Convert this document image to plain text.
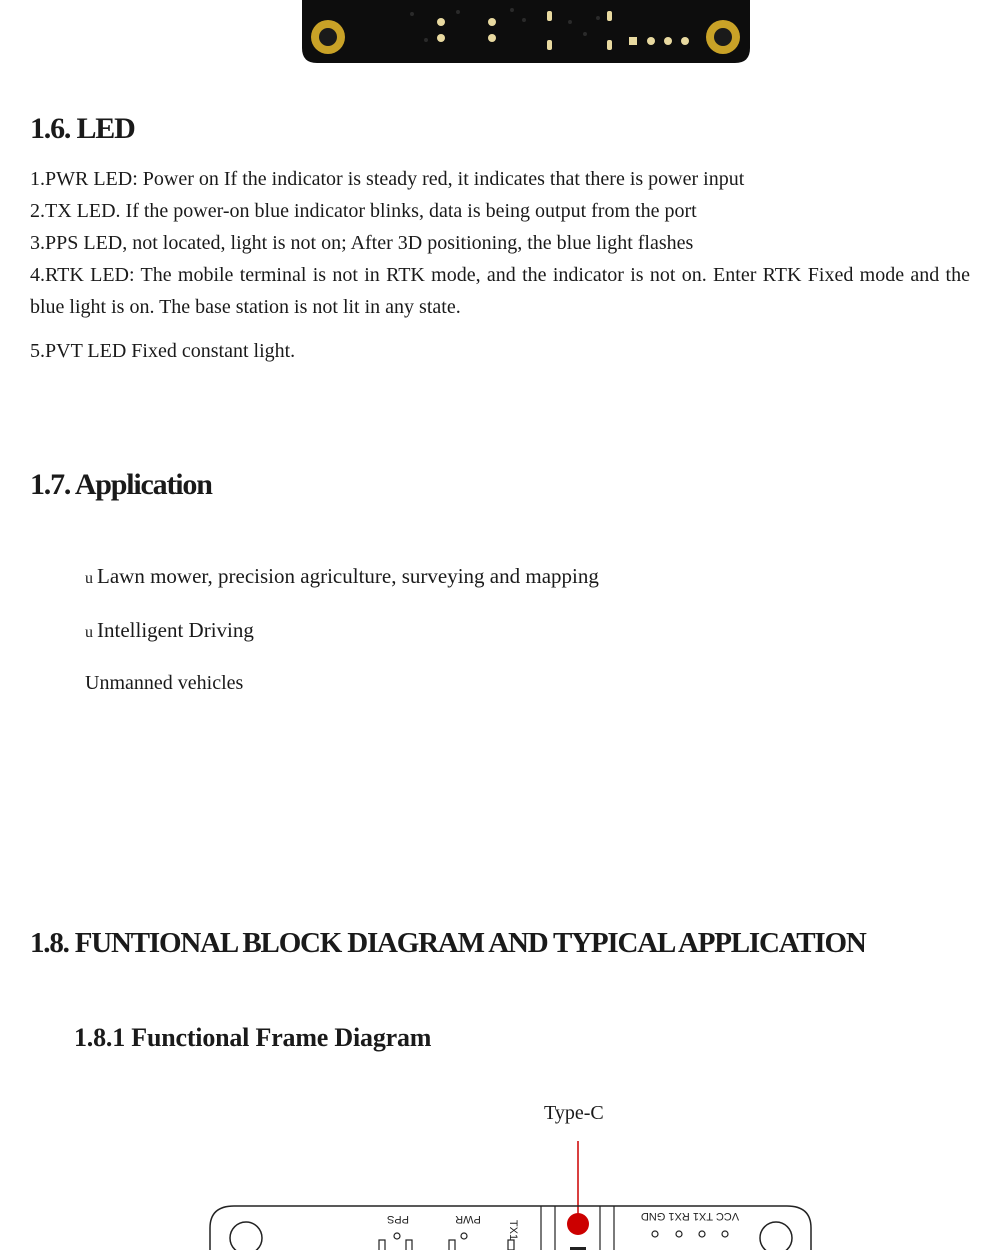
1.6. LED
1.PWR LED: Power on If the indicator is steady red, it indicates that there is power input
2.TX LED. If the power-on blue indicator blinks, data is being output from the port
3.PPS LED, not located, light is not on; After 3D positioning, the blue light flashes
4.RTK LED: The mobile terminal is not in RTK mode, and the indicator is not on. Enter RTK Fixed mode and the blue light is on. The base station is not lit in any state.
5.PVT LED Fixed constant light.
1.7. Application
u Lawn mower, precision agriculture, surveying and mapping
u Intelligent Driving
Unmanned vehicles
1.8. FUNTIONAL BLOCK DIAGRAM AND TYPICAL APPLICATION
1.8.1 Functional Frame Diagram
Type-C
PPS	PWR
TX1
VCC TX1 RX1 GND
